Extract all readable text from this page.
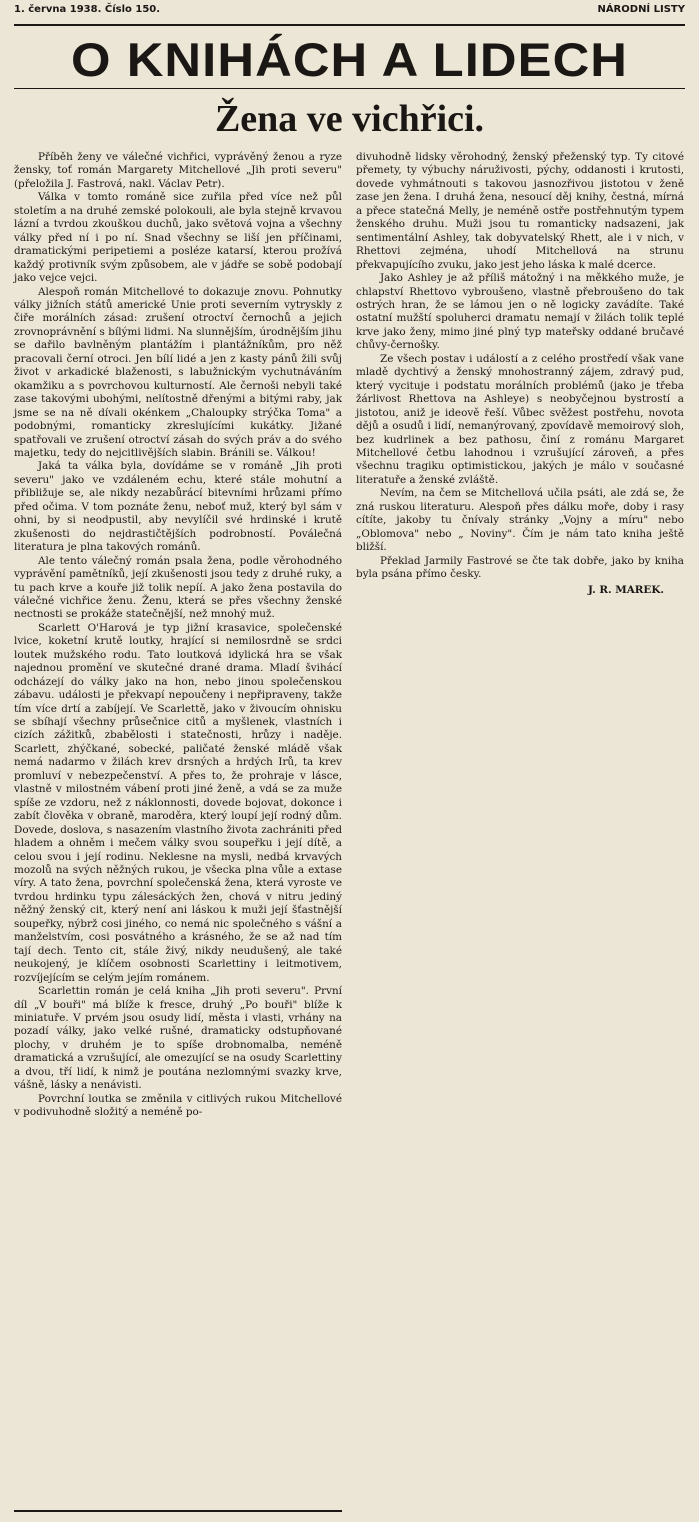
1. června 1938. Číslo 150.	NÁRODNÍ LISTY
O KNIHÁCH A LIDECH
Žena ve vichřici.

Příběh ženy ve válečné vichřici, vyprávěný ženou a ryze žensky, toť román Margarety Mitchellové „Jih proti severu" (přeložila J. Fastrová, nakl. Václav Petr).

Válka v tomto románě sice zuřila před více než půl stoletím a na druhé zemské polokouli, ale byla stejně krvavou lázní a tvrdou zkouškou duchů, jako světová vojna a všechny války před ní i po ní. Snad všechny se liší jen příčinami, dramatickými peripetiemi a posléze katarsí, kterou prožívá každý protivník svým způsobem, ale v jádře se sobě podobají jako vejce vejci.

Alespoň román Mitchellové to dokazuje znovu. Pohnutky války jižních států americké Unie proti severním vytryskly z čiře morálních zásad: zrušení otroctví černochů a jejich zrovnoprávnění s bílými lidmi. Na slunnějším, úrodnějším jihu se dařilo bavlněným plantážím i plantážníkům, pro něž pracovali černí otroci. Jen bílí lidé a jen z kasty pánů žili svůj život v arkadické blaženosti, s labužnickým vychutnáváním okamžiku a s povrchovou kulturností. Ale černoši nebyli také zase takovými ubohými, nelítostně dřenými a bitými raby, jak jsme se na ně dívali okénkem „Chaloupky strýčka Toma" a podobnými, romanticky zkreslujícími kukátky. Jižané spatřovali ve zrušení otroctví zásah do svých práv a do svého majetku, tedy do nejcitlivějších slabin. Bránili se. Válkou!

Jaká ta válka byla, dovídáme se v románě „Jih proti severu" jako ve vzdáleném echu, které stále mohutní a přibližuje se, ale nikdy nezabůrácí bitevními hrůzami přímo před očima. V tom poznáte ženu, neboť muž, který byl sám v ohni, by si neodpustil, aby nevylíčil své hrdinské i krutě zkušenosti do nejdrastičtějších podrobností. Poválečná literatura je plna takových románů.

Ale tento válečný román psala žena, podle věrohodného vyprávění pamětníků, její zkušenosti jsou tedy z druhé ruky, a tu pach krve a kouře již tolik nepíí. A jako žena postavila do válečné vichřice ženu. Ženu, která se přes všechny ženské nectnosti se prokáže statečnější, než mnohý muž.

Scarlett O'Harová je typ jižní krasavice, společenské lvice, koketní krutě loutky, hrající si nemilosrdně se srdci loutek mužského rodu. Tato loutková idylická hra se však najednou promění ve skutečné drané drama. Mladí švihácí odcházejí do války jako na hon, nebo jinou společenskou zábavu. události je překvapí nepoučeny i nepřipraveny, takže tím více drtí a zabíjejí. Ve Scarlettě, jako v živoucím ohnisku se sbíhají všechny průsečnice citů a myšlenek, vlastních i cizích zážitků, zbabělosti i statečnosti, hrůzy i naděje. Scarlett, zhýčkané, sobecké, paličaté ženské mládě však nemá nadarmo v žilách krev drsných a hrdých Irů, ta krev promluví v nebezpečenství. A přes to, že prohraje v lásce, vlastně v milostném vábení proti jiné ženě, a vdá se za muže spíše ze vzdoru, než z náklonnosti, dovede bojovat, dokonce i zabít člověka v obraně, maroděra, který loupí její rodný dům. Dovede, doslova, s nasazením vlastního života zachrániti před hladem a ohněm i mečem války svou soupeřku i její dítě, a celou svou i její rodinu. Neklesne na mysli, nedbá krvavých mozolů na svých něžných rukou, je všecka plna vůle a extase víry. A tato žena, povrchní společenská žena, která vyroste ve tvrdou hrdinku typu zálesáckých žen, chová v nitru jediný něžný ženský cit, který není ani láskou k muži její šťastnější soupeřky, nýbrž cosi jiného, co nemá nic společného s vášní a manželstvím, cosi posvátného a krásného, že se až nad tím tají dech. Tento cit, stále živý, nikdy neudušený, ale také neukojený, je klíčem osobnosti Scarlettiny i leitmotivem, rozvíjejícím se celým jejím románem.

Scarlettin román je celá kniha „Jih proti severu". První díl „V bouři" má blíže k fresce, druhý „Po bouři" blíže k miniatuře. V prvém jsou osudy lidí, města i vlasti, vrhány na pozadí války, jako velké rušné, dramaticky odstupňované plochy, v druhém je to spíše drobnomalba, neméně dramatická a vzrušující, ale omezující se na osudy Scarlettiny a dvou, tří lidí, k nimž je poutána nezlomnými svazky krve, vášně, lásky a nenávisti.

Povrchní loutka se změnila v citlivých rukou Mitchellové v podivuhodně složitý a neméně po-

divuhodně lidsky věrohodný, ženský přeženský typ. Ty citové přemety, ty výbuchy náruživosti, pýchy, oddanosti i krutosti, dovede vyhmátnouti s takovou jasnozřivou jistotou v ženě zase jen žena. I druhá žena, nesoucí děj knihy, čestná, mírná a přece statečná Melly, je neméně ostře postřehnutým typem ženského druhu. Muži jsou tu romanticky nadsazeni, jak sentimentální Ashley, tak dobyvatelský Rhett, ale i v nich, v Rhettovi zejména, uhodí Mitchellová na strunu překvapujícího zvuku, jako jest jeho láska k malé dcerce.

Jako Ashley je až příliš mátožný i na měkkého muže, je chlapství Rhettovo vybroušeno, vlastně přebroušeno do tak ostrých hran, že se lámou jen o ně logicky zavádíte. Také ostatní mužští spoluherci dramatu nemají v žilách tolik teplé krve jako ženy, mimo jiné plný typ mateřsky oddané bručavé chůvy-černošky.

Ze všech postav i událostí a z celého prostředí však vane mladě dychtivý a ženský mnohostranný zájem, zdravý pud, který vycituje i podstatu morálních problémů (jako je třeba žárlivost Rhettova na Ashleye) s neobyčejnou bystrostí a jistotou, aniž je ideově řeší. Vůbec svěžest postřehu, novota dějů a osudů i lidí, nemanýrovaný, zpovídavě memoirový sloh, bez kudrlinek a bez pathosu, činí z románu Margaret Mitchellové četbu lahodnou i vzrušující zároveň, a přes všechnu tragiku optimistickou, jakých je málo v současné literatuře a ženské zvláště.

Nevím, na čem se Mitchellová učila psáti, ale zdá se, že zná ruskou literaturu. Alespoň přes dálku moře, doby i rasy cítíte, jakoby tu čnívaly stránky „Vojny a míru" nebo „Oblomova" nebo „ Noviny". Čím je nám tato kniha ještě bližší.

Překlad Jarmily Fastrové se čte tak dobře, jako by kniha byla psána přímo česky.

J. R. MAREK.
